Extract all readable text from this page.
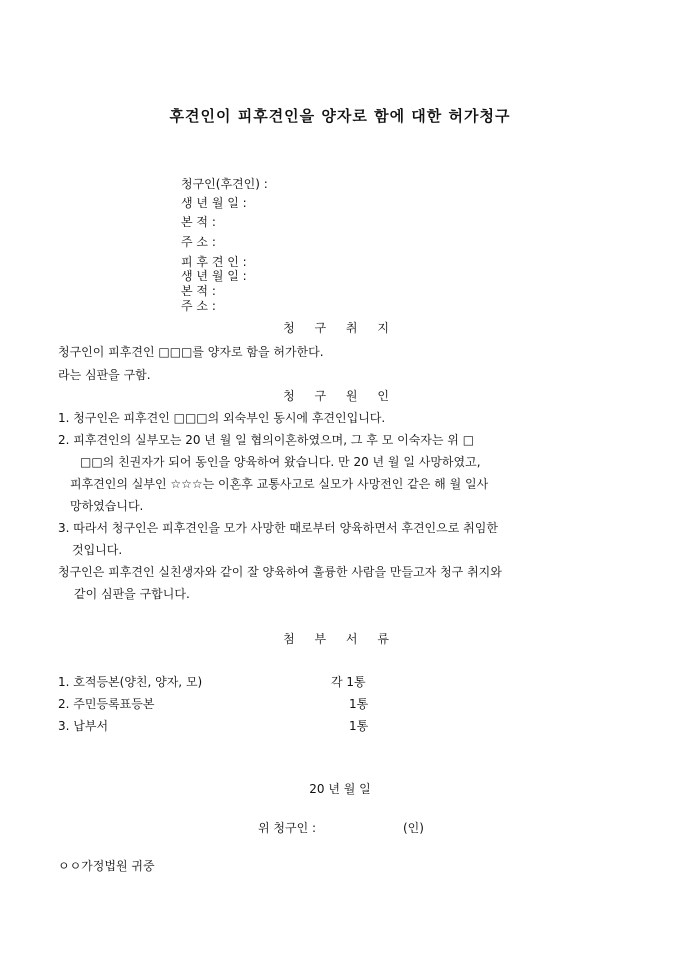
후견인이 피후견인을 양자로 함에 대한 허가청구
청구인(후견인) :
생 년 월 일 :
본 적 :
주 소 :
피 후 견 인 :
생 년 월 일 :
본 적 :
주 소 :
청 구 취 지
청구인이 피후견인 □□□를 양자로 함을 허가한다.
라는 심판을 구함.
청 구 원 인
1. 청구인은 피후견인 □□□의 외숙부인 동시에 후견인입니다.
2. 피후견인의 실부모는 20 년 월 일 협의이혼하였으며, 그 후 모 이숙자는 위 □
□□의 친권자가 되어 동인을 양육하여 왔습니다. 만 20 년 월 일 사망하였고,
피후견인의 실부인 ☆☆☆는 이혼후 교통사고로 실모가 사망전인 같은 해 월 일사
망하였습니다.
3. 따라서 청구인은 피후견인을 모가 사망한 때로부터 양육하면서 후견인으로 취임한
것입니다.
청구인은 피후견인 실친생자와 같이 잘 양육하여 훌륭한 사람을 만들고자 청구 취지와
같이 심판을 구합니다.
첨 부 서 류
1. 호적등본(양친, 양자, 모)	각 1통
2. 주민등록표등본	1통
3. 납부서	1통
20 년 월 일
위 청구인 :	(인)
ㅇㅇ가정법원 귀중
